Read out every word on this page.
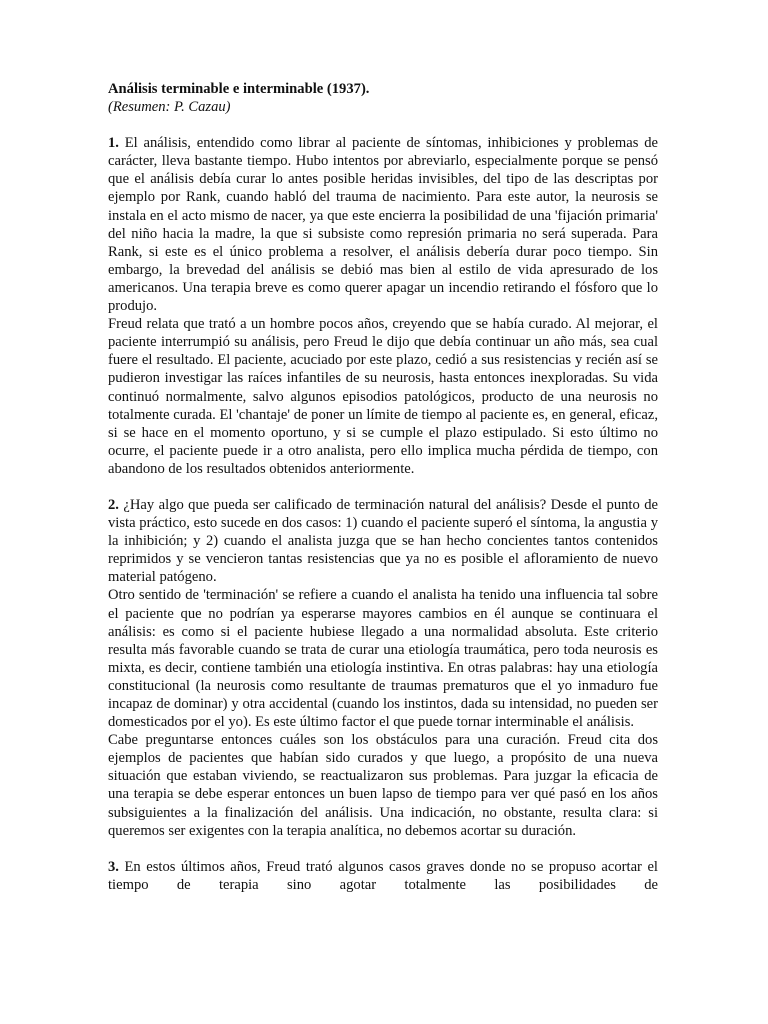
Análisis terminable e interminable (1937).

(Resumen: P. Cazau)

1. El análisis, entendido como librar al paciente de síntomas, inhibiciones y problemas de carácter, lleva bastante tiempo. Hubo intentos por abreviarlo, especialmente porque se pensó que el análisis debía curar lo antes posible heridas invisibles, del tipo de las descriptas por ejemplo por Rank, cuando habló del trauma de nacimiento. Para este autor, la neurosis se instala en el acto mismo de nacer, ya que este encierra la posibilidad de una 'fijación primaria' del niño hacia la madre, la que si subsiste como represión primaria no será superada. Para Rank, si este es el único problema a resolver, el análisis debería durar poco tiempo. Sin embargo, la brevedad del análisis se debió mas bien al estilo de vida apresurado de los americanos. Una terapia breve es como querer apagar un incendio retirando el fósforo que lo produjo.

Freud relata que trató a un hombre pocos años, creyendo que se había curado. Al mejorar, el paciente interrumpió su análisis, pero Freud le dijo que debía continuar un año más, sea cual fuere el resultado. El paciente, acuciado por este plazo, cedió a sus resistencias y recién así se pudieron investigar las raíces infantiles de su neurosis, hasta entonces inexploradas. Su vida continuó normalmente, salvo algunos episodios patológicos, producto de una neurosis no totalmente curada. El 'chantaje' de poner un límite de tiempo al paciente es, en general, eficaz, si se hace en el momento oportuno, y si se cumple el plazo estipulado. Si esto último no ocurre, el paciente puede ir a otro analista, pero ello implica mucha pérdida de tiempo, con abandono de los resultados obtenidos anteriormente.

2. ¿Hay algo que pueda ser calificado de terminación natural del análisis? Desde el punto de vista práctico, esto sucede en dos casos: 1) cuando el paciente superó el síntoma, la angustia y la inhibición; y 2) cuando el analista juzga que se han hecho concientes tantos contenidos reprimidos y se vencieron tantas resistencias que ya no es posible el afloramiento de nuevo material patógeno.

Otro sentido de 'terminación' se refiere a cuando el analista ha tenido una influencia tal sobre el paciente que no podrían ya esperarse mayores cambios en él aunque se continuara el análisis: es como si el paciente hubiese llegado a una normalidad absoluta. Este criterio resulta más favorable cuando se trata de curar una etiología traumática, pero toda neurosis es mixta, es decir, contiene también una etiología instintiva. En otras palabras: hay una etiología constitucional (la neurosis como resultante de traumas prematuros que el yo inmaduro fue incapaz de dominar) y otra accidental (cuando los instintos, dada su intensidad, no pueden ser domesticados por el yo). Es este último factor el que puede tornar interminable el análisis.

Cabe preguntarse entonces cuáles son los obstáculos para una curación. Freud cita dos ejemplos de pacientes que habían sido curados y que luego, a propósito de una nueva situación que estaban viviendo, se reactualizaron sus problemas. Para juzgar la eficacia de una terapia se debe esperar entonces un buen lapso de tiempo para ver qué pasó en los años subsiguientes a la finalización del análisis. Una indicación, no obstante, resulta clara: si queremos ser exigentes con la terapia analítica, no debemos acortar su duración.

3. En estos últimos años, Freud trató algunos casos graves donde no se propuso acortar el tiempo de terapia sino agotar totalmente las posibilidades de
